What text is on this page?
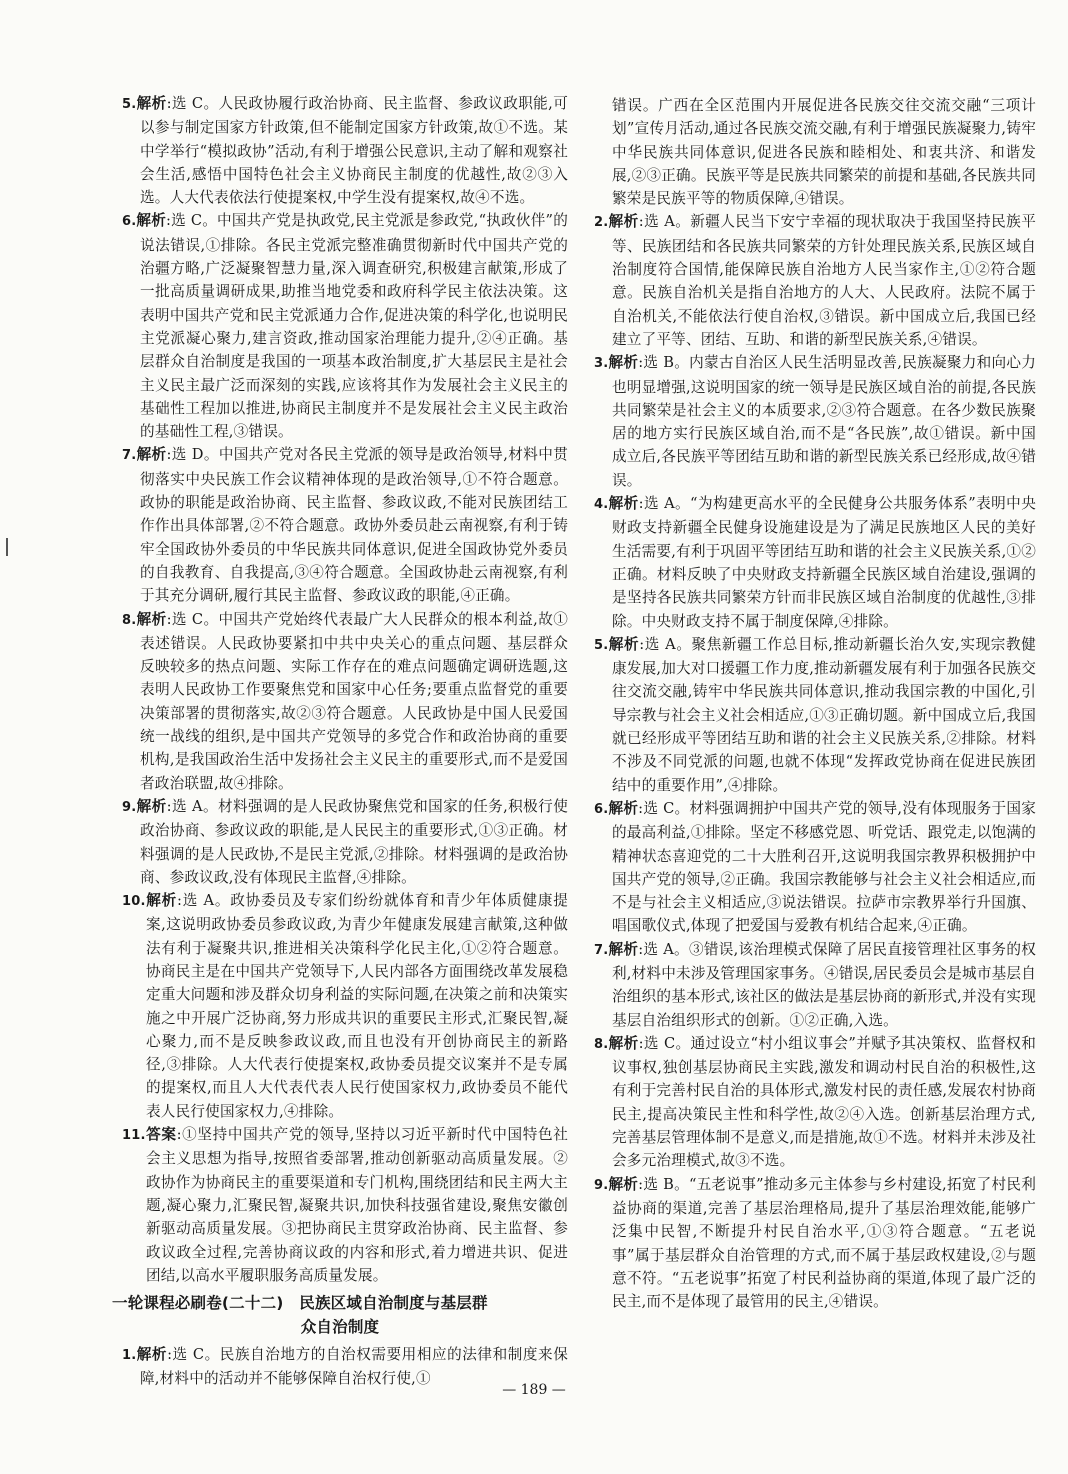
5.解析:选 C。人民政协履行政治协商、民主监督、参政议政职能,可以参与制定国家方针政策,但不能制定国家方针政策,故①不选。某中学举行“模拟政协”活动,有利于增强公民意识,主动了解和观察社会生活,感悟中国特色社会主义协商民主制度的优越性,故②③入选。人大代表依法行使提案权,中学生没有提案权,故④不选。

6.解析:选 C。中国共产党是执政党,民主党派是参政党,“执政伙伴”的说法错误,①排除。各民主党派完整准确贯彻新时代中国共产党的治疆方略,广泛凝聚智慧力量,深入调查研究,积极建言献策,形成了一批高质量调研成果,助推当地党委和政府科学民主依法决策。这表明中国共产党和民主党派通力合作,促进决策的科学化,也说明民主党派凝心聚力,建言资政,推动国家治理能力提升,②④正确。基层群众自治制度是我国的一项基本政治制度,扩大基层民主是社会主义民主最广泛而深刻的实践,应该将其作为发展社会主义民主的基础性工程加以推进,协商民主制度并不是发展社会主义民主政治的基础性工程,③错误。

7.解析:选 D。中国共产党对各民主党派的领导是政治领导,材料中贯彻落实中央民族工作会议精神体现的是政治领导,①不符合题意。政协的职能是政治协商、民主监督、参政议政,不能对民族团结工作作出具体部署,②不符合题意。政协外委员赴云南视察,有利于铸牢全国政协外委员的中华民族共同体意识,促进全国政协党外委员的自我教育、自我提高,③④符合题意。全国政协赴云南视察,有利于其充分调研,履行其民主监督、参政议政的职能,④正确。

8.解析:选 C。中国共产党始终代表最广大人民群众的根本利益,故①表述错误。人民政协要紧扣中共中央关心的重点问题、基层群众反映较多的热点问题、实际工作存在的难点问题确定调研选题,这表明人民政协工作要聚焦党和国家中心任务;要重点监督党的重要决策部署的贯彻落实,故②③符合题意。人民政协是中国人民爱国统一战线的组织,是中国共产党领导的多党合作和政治协商的重要机构,是我国政治生活中发扬社会主义民主的重要形式,而不是爱国者政治联盟,故④排除。

9.解析:选 A。材料强调的是人民政协聚焦党和国家的任务,积极行使政治协商、参政议政的职能,是人民民主的重要形式,①③正确。材料强调的是人民政协,不是民主党派,②排除。材料强调的是政治协商、参政议政,没有体现民主监督,④排除。

10.解析:选 A。政协委员及专家们纷纷就体育和青少年体质健康提案,这说明政协委员参政议政,为青少年健康发展建言献策,这种做法有利于凝聚共识,推进相关决策科学化民主化,①②符合题意。协商民主是在中国共产党领导下,人民内部各方面围绕改革发展稳定重大问题和涉及群众切身利益的实际问题,在决策之前和决策实施之中开展广泛协商,努力形成共识的重要民主形式,汇聚民智,凝心聚力,而不是反映参政议政,而且也没有开创协商民主的新路径,③排除。人大代表行使提案权,政协委员提交议案并不是专属的提案权,而且人大代表代表人民行使国家权力,政协委员不能代表人民行使国家权力,④排除。

11.答案:①坚持中国共产党的领导,坚持以习近平新时代中国特色社会主义思想为指导,按照省委部署,推动创新驱动高质量发展。②政协作为协商民主的重要渠道和专门机构,围绕团结和民主两大主题,凝心聚力,汇聚民智,凝聚共识,加快科技强省建设,聚焦安徽创新驱动高质量发展。③把协商民主贯穿政治协商、民主监督、参政议政全过程,完善协商议政的内容和形式,着力增进共识、促进团结,以高水平履职服务高质量发展。

一轮课程必刷卷(二十二)　民族区域自治制度与基层群
众自治制度

1.解析:选 C。民族自治地方的自治权需要用相应的法律和制度来保障,材料中的活动并不能够保障自治权行使,①

错误。广西在全区范围内开展促进各民族交往交流交融“三项计划”宣传月活动,通过各民族交流交融,有利于增强民族凝聚力,铸牢中华民族共同体意识,促进各民族和睦相处、和衷共济、和谐发展,②③正确。民族平等是民族共同繁荣的前提和基础,各民族共同繁荣是民族平等的物质保障,④错误。

2.解析:选 A。新疆人民当下安宁幸福的现状取决于我国坚持民族平等、民族团结和各民族共同繁荣的方针处理民族关系,民族区域自治制度符合国情,能保障民族自治地方人民当家作主,①②符合题意。民族自治机关是指自治地方的人大、人民政府。法院不属于自治机关,不能依法行使自治权,③错误。新中国成立后,我国已经建立了平等、团结、互助、和谐的新型民族关系,④错误。

3.解析:选 B。内蒙古自治区人民生活明显改善,民族凝聚力和向心力也明显增强,这说明国家的统一领导是民族区域自治的前提,各民族共同繁荣是社会主义的本质要求,②③符合题意。在各少数民族聚居的地方实行民族区域自治,而不是“各民族”,故①错误。新中国成立后,各民族平等团结互助和谐的新型民族关系已经形成,故④错误。

4.解析:选 A。“为构建更高水平的全民健身公共服务体系”表明中央财政支持新疆全民健身设施建设是为了满足民族地区人民的美好生活需要,有利于巩固平等团结互助和谐的社会主义民族关系,①②正确。材料反映了中央财政支持新疆全民族区域自治建设,强调的是坚持各民族共同繁荣方针而非民族区域自治制度的优越性,③排除。中央财政支持不属于制度保障,④排除。

5.解析:选 A。聚焦新疆工作总目标,推动新疆长治久安,实现宗教健康发展,加大对口援疆工作力度,推动新疆发展有利于加强各民族交往交流交融,铸牢中华民族共同体意识,推动我国宗教的中国化,引导宗教与社会主义社会相适应,①③正确切题。新中国成立后,我国就已经形成平等团结互助和谐的社会主义民族关系,②排除。材料不涉及不同党派的问题,也就不体现“发挥政党协商在促进民族团结中的重要作用”,④排除。

6.解析:选 C。材料强调拥护中国共产党的领导,没有体现服务于国家的最高利益,①排除。坚定不移感党恩、听党话、跟党走,以饱满的精神状态喜迎党的二十大胜利召开,这说明我国宗教界积极拥护中国共产党的领导,②正确。我国宗教能够与社会主义社会相适应,而不是与社会主义相适应,③说法错误。拉萨市宗教界举行升国旗、唱国歌仪式,体现了把爱国与爱教有机结合起来,④正确。

7.解析:选 A。③错误,该治理模式保障了居民直接管理社区事务的权利,材料中未涉及管理国家事务。④错误,居民委员会是城市基层自治组织的基本形式,该社区的做法是基层协商的新形式,并没有实现基层自治组织形式的创新。①②正确,入选。

8.解析:选 C。通过设立“村小组议事会”并赋予其决策权、监督权和议事权,独创基层协商民主实践,激发和调动村民自治的积极性,这有利于完善村民自治的具体形式,激发村民的责任感,发展农村协商民主,提高决策民主性和科学性,故②④入选。创新基层治理方式,完善基层管理体制不是意义,而是措施,故①不选。材料并未涉及社会多元治理模式,故③不选。

9.解析:选 B。“五老说事”推动多元主体参与乡村建设,拓宽了村民利益协商的渠道,完善了基层治理格局,提升了基层治理效能,能够广泛集中民智,不断提升村民自治水平,①③符合题意。“五老说事”属于基层群众自治管理的方式,而不属于基层政权建设,②与题意不符。“五老说事”拓宽了村民利益协商的渠道,体现了最广泛的民主,而不是体现了最管用的民主,④错误。

— 189 —
